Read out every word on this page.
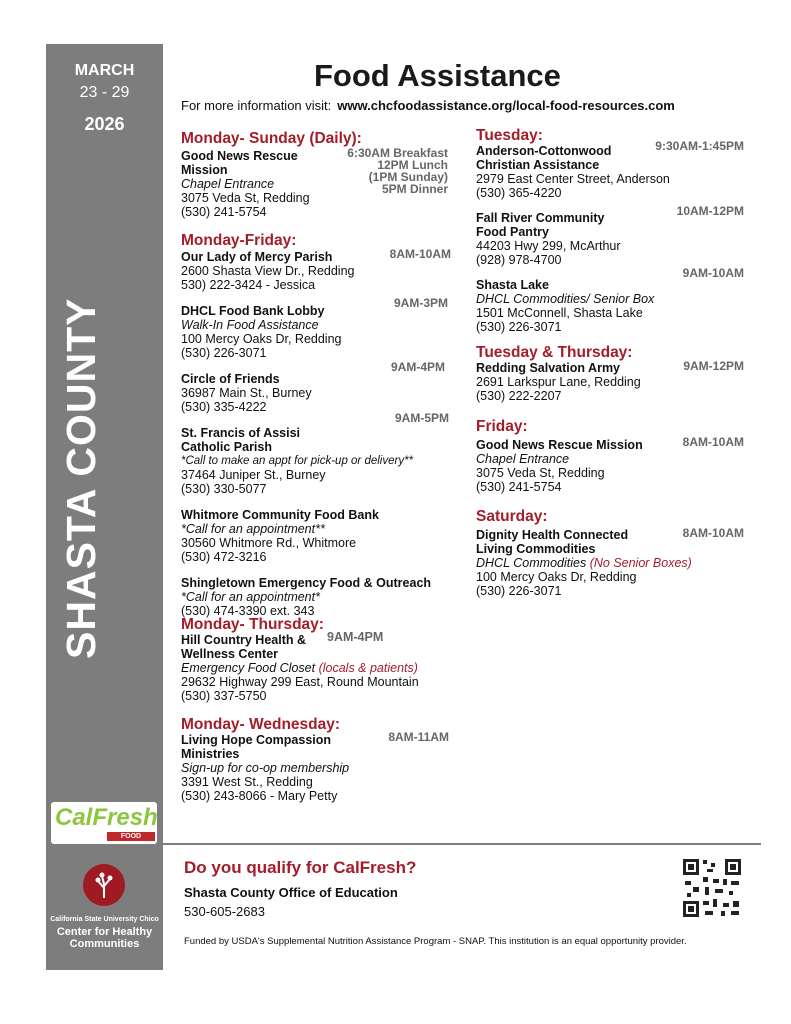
MARCH
23 - 29
2026
CalFresh
FOOD
California State University Chico
Center for Healthy Communities
SHASTA COUNTY
Food Assistance
For more information visit: www.chcfoodassistance.org/local-food-resources.com
Monday- Sunday (Daily):
Good News Rescue Mission
Chapel Entrance
3075 Veda St, Redding
(530) 241-5754
6:30AM Breakfast
12PM Lunch
(1PM Sunday)
5PM Dinner
Monday-Friday:
Our Lady of Mercy Parish
2600 Shasta View Dr., Redding
530) 222-3424 - Jessica
DHCL Food Bank Lobby
Walk-In Food Assistance
100 Mercy Oaks Dr, Redding
(530) 226-3071
Circle of Friends
36987 Main St., Burney
(530) 335-4222
St. Francis of Assisi
Catholic Parish
*Call to make an appt for pick-up or delivery**
37464 Juniper St., Burney
(530) 330-5077
Whitmore Community Food Bank
*Call for an appointment**
30560 Whitmore Rd., Whitmore
(530) 472-3216
Shingletown Emergency Food & Outreach
*Call for an appointment*
(530) 474-3390 ext. 343
8AM-10AM
9AM-3PM
9AM-4PM
9AM-5PM
Monday- Thursday:
Hill Country Health &
Wellness Center
Emergency Food Closet (locals & patients)
29632 Highway 299 East, Round Mountain
(530) 337-5750
9AM-4PM
Monday- Wednesday:
Living Hope Compassion
Ministries
Sign-up for co-op membership
3391 West St., Redding
(530) 243-8066 - Mary Petty
8AM-11AM
Tuesday:
Anderson-Cottonwood
Christian Assistance
2979 East Center Street, Anderson
(530) 365-4220
Fall River Community
Food Pantry
44203 Hwy 299, McArthur
(928) 978-4700
Shasta Lake
DHCL Commodities/ Senior Box
1501 McConnell, Shasta Lake
(530) 226-3071
9:30AM-1:45PM
10AM-12PM
9AM-10AM
Tuesday & Thursday:
Redding Salvation Army
2691 Larkspur Lane, Redding
(530) 222-2207
9AM-12PM
Friday:
Good News Rescue Mission
Chapel Entrance
3075 Veda St, Redding
(530) 241-5754
8AM-10AM
Saturday:
Dignity Health Connected
Living Commodities
DHCL Commodities (No Senior Boxes)
100 Mercy Oaks Dr, Redding
(530) 226-3071
8AM-10AM
Do you qualify for CalFresh?
Shasta County Office of Education
530-605-2683
Funded by USDA's Supplemental Nutrition Assistance Program - SNAP. This institution is an equal opportunity provider.
